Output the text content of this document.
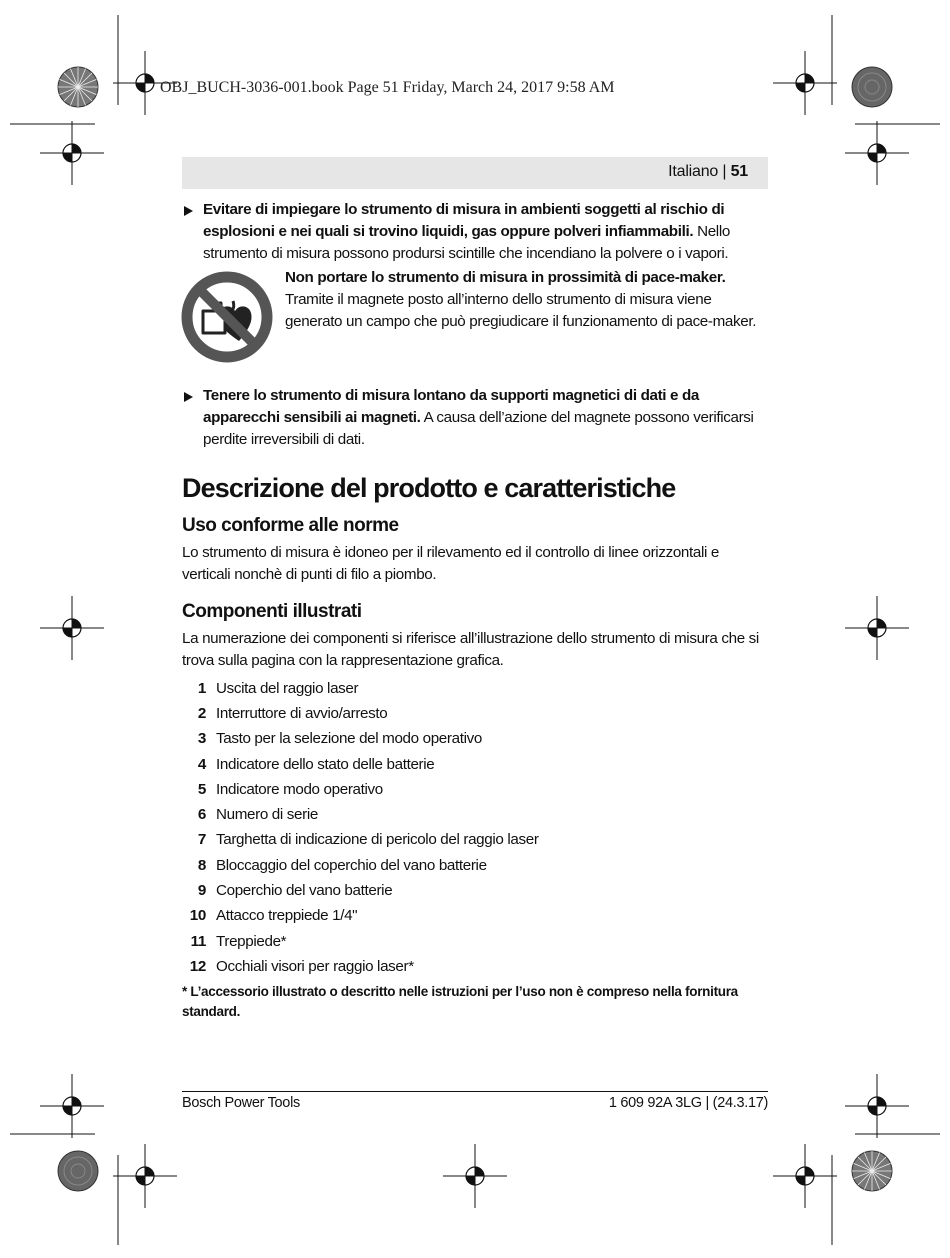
OBJ_BUCH-3036-001.book Page 51 Friday, March 24, 2017 9:58 AM
Italiano | 51
Evitare di impiegare lo strumento di misura in ambienti soggetti al rischio di esplosioni e nei quali si trovino liquidi, gas oppure polveri infiammabili. Nello strumento di misura possono prodursi scintille che incendiano la polvere o i vapori.
Non portare lo strumento di misura in prossimità di pace-maker. Tramite il magnete posto all’interno dello strumento di misura viene generato un campo che può pregiudicare il funzionamento di pace-maker.
Tenere lo strumento di misura lontano da supporti magnetici di dati e da apparecchi sensibili ai magneti. A causa dell’azione del magnete possono verificarsi perdite irreversibili di dati.
Descrizione del prodotto e caratteristiche
Uso conforme alle norme

Lo strumento di misura è idoneo per il rilevamento ed il controllo di linee orizzontali e verticali nonchè di punti di filo a piombo.

Componenti illustrati

La numerazione dei componenti si riferisce all’illustrazione dello strumento di misura che si trova sulla pagina con la rappresentazione grafica.

1 Uscita del raggio laser
2 Interruttore di avvio/arresto
3 Tasto per la selezione del modo operativo
4 Indicatore dello stato delle batterie
5 Indicatore modo operativo
6 Numero di serie
7 Targhetta di indicazione di pericolo del raggio laser
8 Bloccaggio del coperchio del vano batterie
9 Coperchio del vano batterie
10 Attacco treppiede 1/4"
11 Treppiede*
12 Occhiali visori per raggio laser*
* L’accessorio illustrato o descritto nelle istruzioni per l’uso non è compreso nella fornitura standard.
Bosch Power Tools	1 609 92A 3LG | (24.3.17)
